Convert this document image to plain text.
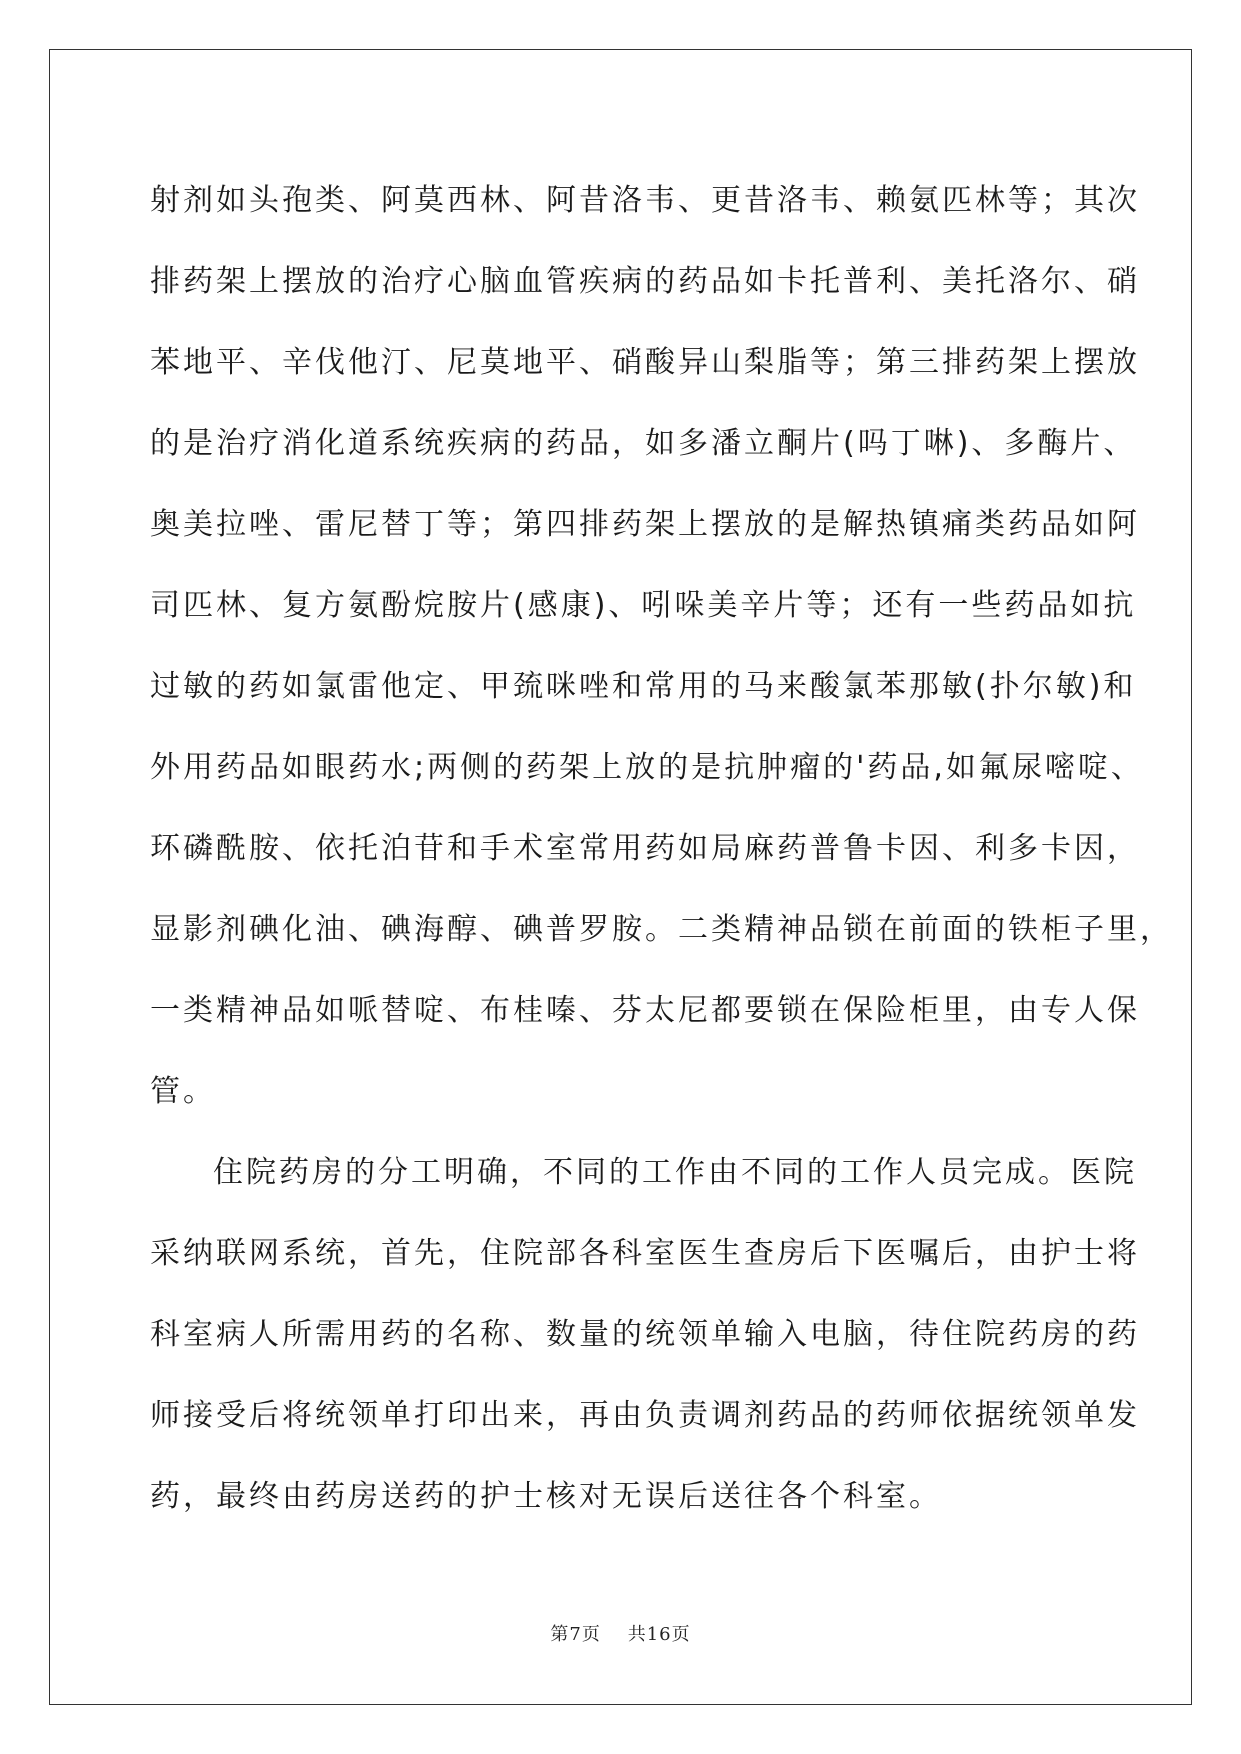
射剂如头孢类、阿莫西林、阿昔洛韦、更昔洛韦、赖氨匹林等；其次
排药架上摆放的治疗心脑血管疾病的药品如卡托普利、美托洛尔、硝
苯地平、辛伐他汀、尼莫地平、硝酸异山梨脂等；第三排药架上摆放
的是治疗消化道系统疾病的药品，如多潘立酮片(吗丁啉)、多酶片、
奥美拉唑、雷尼替丁等；第四排药架上摆放的是解热镇痛类药品如阿
司匹林、复方氨酚烷胺片(感康)、吲哚美辛片等；还有一些药品如抗
过敏的药如氯雷他定、甲巯咪唑和常用的马来酸氯苯那敏(扑尔敏)和
外用药品如眼药水;两侧的药架上放的是抗肿瘤的'药品,如氟尿嘧啶、
环磷酰胺、依托泊苷和手术室常用药如局麻药普鲁卡因、利多卡因，
显影剂碘化油、碘海醇、碘普罗胺。二类精神品锁在前面的铁柜子里，
一类精神品如哌替啶、布桂嗪、芬太尼都要锁在保险柜里，由专人保
管。
住院药房的分工明确，不同的工作由不同的工作人员完成。医院
采纳联网系统，首先，住院部各科室医生查房后下医嘱后，由护士将
科室病人所需用药的名称、数量的统领单输入电脑，待住院药房的药
师接受后将统领单打印出来，再由负责调剂药品的药师依据统领单发
药，最终由药房送药的护士核对无误后送往各个科室。
第7页 共16页
